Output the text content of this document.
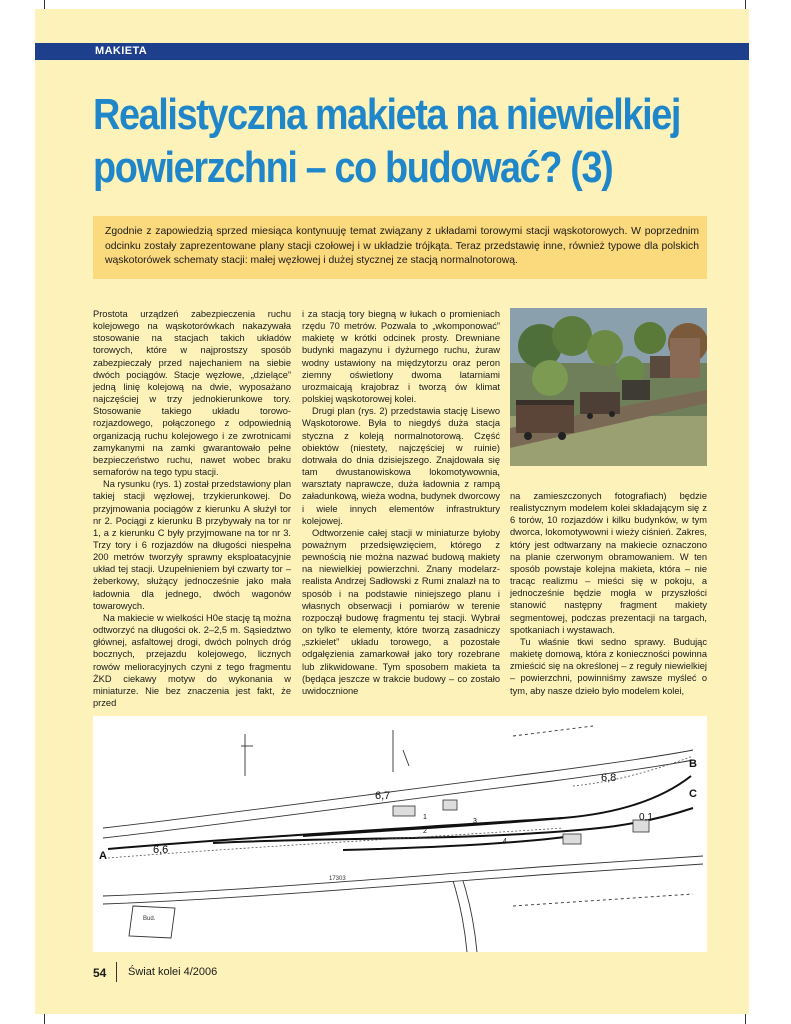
MAKIETA
Realistyczna makieta na niewielkiej
powierzchni – co budować? (3)

Zgodnie z zapowiedzią sprzed miesiąca kontynuuję temat związany z układami torowymi stacji wąskotorowych. W poprzednim odcinku zostały zaprezentowane plany stacji czołowej i w układzie trójkąta. Teraz przedstawię inne, również typowe dla polskich wąskotorówek schematy stacji: małej węzłowej i dużej stycznej ze stacją normalnotorową.

Prostota urządzeń zabezpieczenia ruchu kolejowego na wąskotorówkach nakazywała stosowanie na stacjach takich układów torowych, które w najprostszy sposób zabezpieczały przed najechaniem na siebie dwóch pociągów. Stacje węzłowe, „dzielące” jedną linię kolejową na dwie, wyposażano najczęściej w trzy jednokierunkowe tory. Stosowanie takiego układu torowo-rozjazdowego, połączonego z odpowiednią organizacją ruchu kolejowego i ze zwrotnicami zamykanymi na zamki gwarantowało pełne bezpieczeństwo ruchu, nawet wobec braku semaforów na tego typu stacji.

Na rysunku (rys. 1) został przedstawiony plan takiej stacji węzłowej, trzykierunkowej. Do przyjmowania pociągów z kierunku A służył tor nr 2. Pociągi z kierunku B przybywały na tor nr 1, a z kierunku C były przyjmowane na tor nr 3. Trzy tory i 6 rozjazdów na długości niespełna 200 metrów tworzyły sprawny eksploatacyjnie układ tej stacji. Uzupełnieniem był czwarty tor – żeberkowy, służący jednocześnie jako mała ładownia dla jednego, dwóch wagonów towarowych.

Na makiecie w wielkości H0e stację tą można odtworzyć na długości ok. 2–2,5 m. Sąsiedztwo głównej, asfaltowej drogi, dwóch polnych dróg bocznych, przejazdu kolejowego, licznych rowów melioracyjnych czyni z tego fragmentu ŻKD ciekawy motyw do wykonania w miniaturze. Nie bez znaczenia jest fakt, że przed

i za stacją tory biegną w łukach o promieniach rzędu 70 metrów. Pozwala to „wkomponować” makietę w krótki odcinek prosty. Drewniane budynki magazynu i dyżurnego ruchu, żuraw wodny ustawiony na międzytorzu oraz peron ziemny oświetlony dwoma latarniami urozmaicają krajobraz i tworzą ów klimat polskiej wąskotorowej kolei.

Drugi plan (rys. 2) przedstawia stację Lisewo Wąskotorowe. Była to niegdyś duża stacja styczna z koleją normalnotorową. Część obiektów (niestety, najczęściej w ruinie) dotrwała do dnia dzisiejszego. Znajdowała się tam dwustanowiskowa lokomotywownia, warsztaty naprawcze, duża ładownia z rampą załadunkową, wieża wodna, budynek dworcowy i wiele innych elementów infrastruktury kolejowej.

Odtworzenie całej stacji w miniaturze byłoby poważnym przedsięwzięciem, którego z pewnością nie można nazwać budową makiety na niewielkiej powierzchni. Znany modelarz-realista Andrzej Sadłowski z Rumi znalazł na to sposób i na podstawie niniejszego planu i własnych obserwacji i pomiarów w terenie rozpoczął budowę fragmentu tej stacji. Wybrał on tylko te elementy, które tworzą zasadniczy „szkielet” układu torowego, a pozostałe odgałęzienia zamarkował jako tory rozebrane lub zlikwidowane. Tym sposobem makieta ta (będąca jeszcze w trakcie budowy – co zostało uwidocznione

na zamieszczonych fotografiach) będzie realistycznym modelem kolei składającym się z 6 torów, 10 rozjazdów i kilku budynków, w tym dworca, lokomotywowni i wieży ciśnień. Zakres, który jest odtwarzany na makiecie oznaczono na planie czerwonym obramowaniem. W ten sposób powstaje kolejna makieta, która – nie tracąc realizmu – mieści się w pokoju, a jednocześnie będzie mogła w przyszłości stanowić następny fragment makiety segmentowej, podczas prezentacji na targach, spotkaniach i wystawach.

Tu właśnie tkwi sedno sprawy. Budując makietę domową, która z konieczności powinna zmieścić się na określonej – z reguły niewielkiej – powierzchni, powinniśmy zawsze myśleć o tym, aby nasze dzieło było modelem kolei,

A
B
C
6,6
6,7
6,8
0,1
1
2
3
4
17303
Bud.
54 Świat kolei 4/2006
